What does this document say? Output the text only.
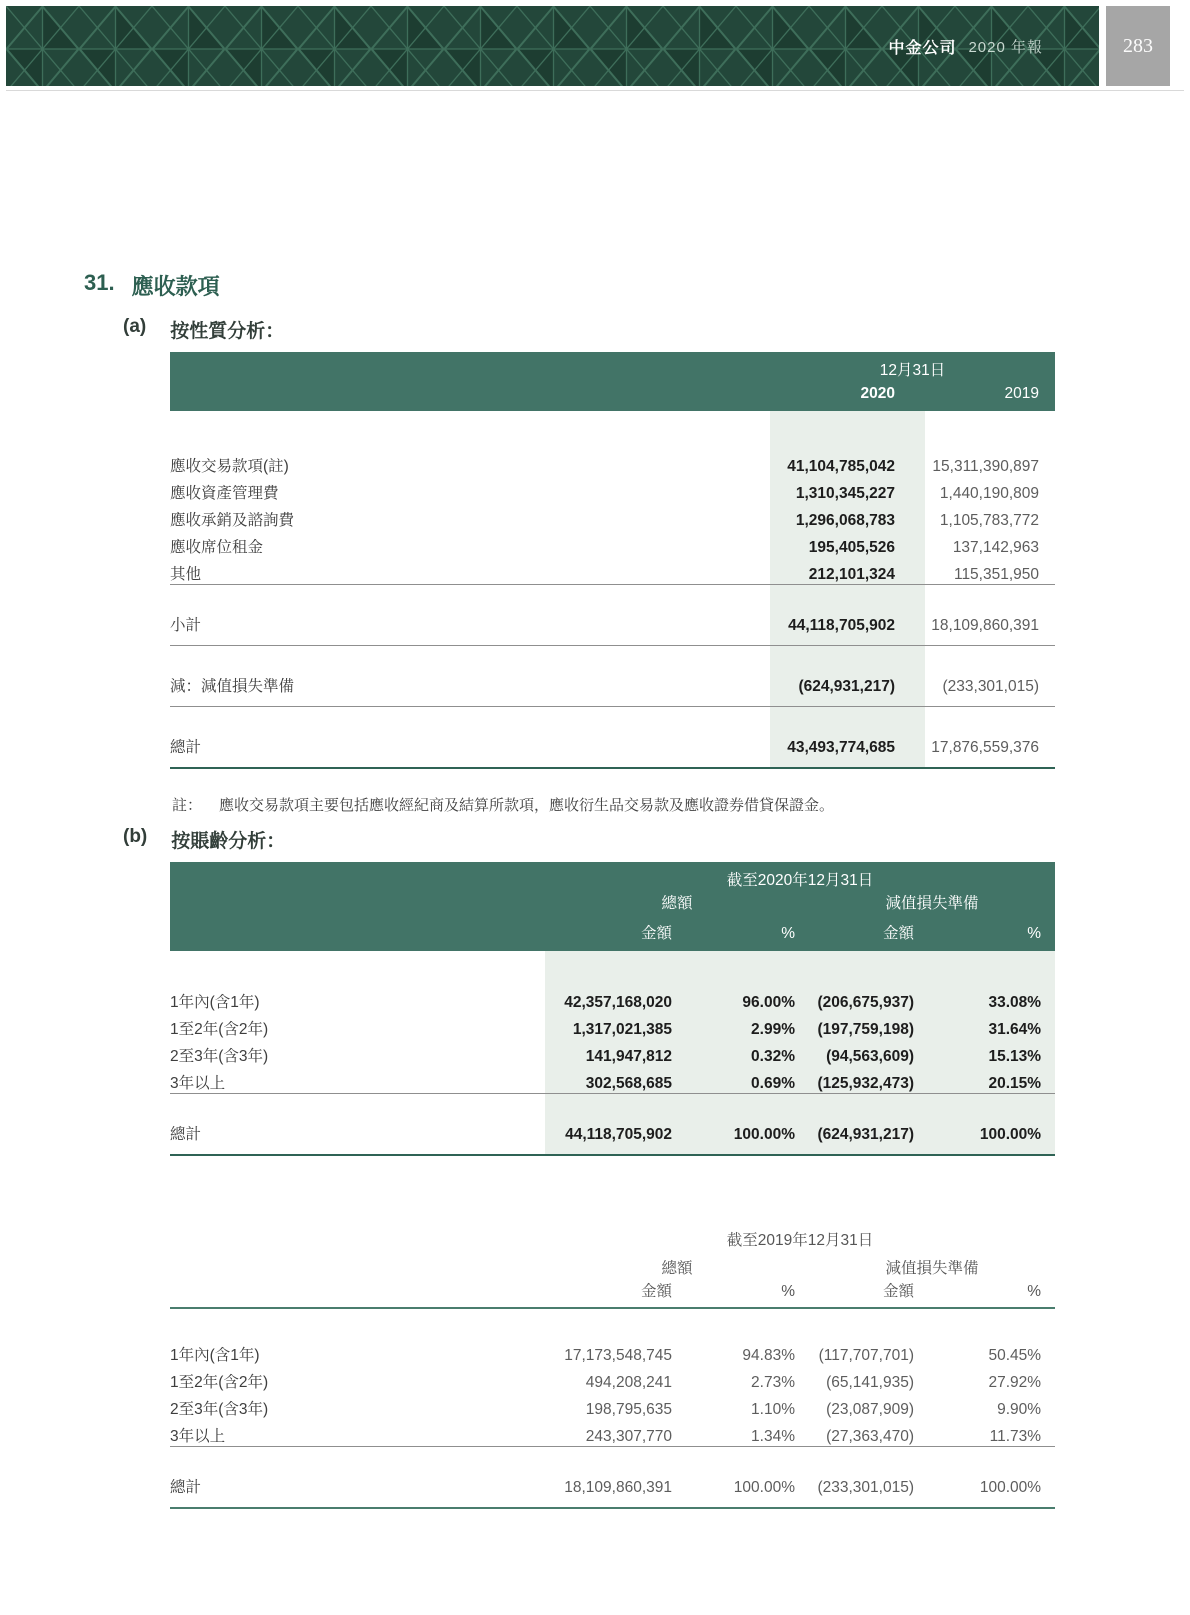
中金公司 2020 年報	283
31. 應收款項
(a) 按性質分析：
	12月31日	
	2020	2019

應收交易款項(註)	41,104,785,042	15,311,390,897
應收資產管理費	1,310,345,227	1,440,190,809
應收承銷及諮詢費	1,296,068,783	1,105,783,772
應收席位租金	195,405,526	137,142,963
其他	212,101,324	115,351,950
小計	44,118,705,902	18,109,860,391
減：減值損失準備	(624,931,217)	(233,301,015)
總計	43,493,774,685	17,876,559,376
註：	應收交易款項主要包括應收經紀商及結算所款項，應收衍生品交易款及應收證券借貸保證金。
(b) 按賬齡分析：
	截至2020年12月31日			
	總額		減值損失準備	
	金額	%	金額	%

1年內(含1年)	42,357,168,020	96.00%	(206,675,937)	33.08%
1至2年(含2年)	1,317,021,385	2.99%	(197,759,198)	31.64%
2至3年(含3年)	141,947,812	0.32%	(94,563,609)	15.13%
3年以上	302,568,685	0.69%	(125,932,473)	20.15%
總計	44,118,705,902	100.00%	(624,931,217)	100.00%
	截至2019年12月31日			
	總額		減值損失準備	
	金額	%	金額	%

1年內(含1年)	17,173,548,745	94.83%	(117,707,701)	50.45%
1至2年(含2年)	494,208,241	2.73%	(65,141,935)	27.92%
2至3年(含3年)	198,795,635	1.10%	(23,087,909)	9.90%
3年以上	243,307,770	1.34%	(27,363,470)	11.73%
總計	18,109,860,391	100.00%	(233,301,015)	100.00%
